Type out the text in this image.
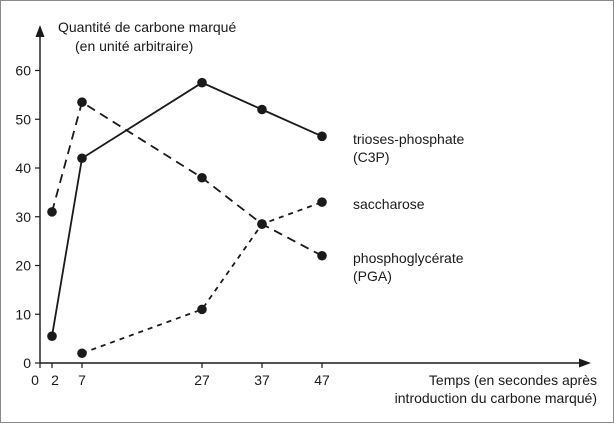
0
10
20
30
40
50
60
0 2 7	27	37	47
Quantité de carbone marqué
(en unité arbitraire)
Temps (en secondes après
introduction du carbone marqué)
trioses-phosphate
(C3P)
phosphoglycérate
(PGA)
saccharose
